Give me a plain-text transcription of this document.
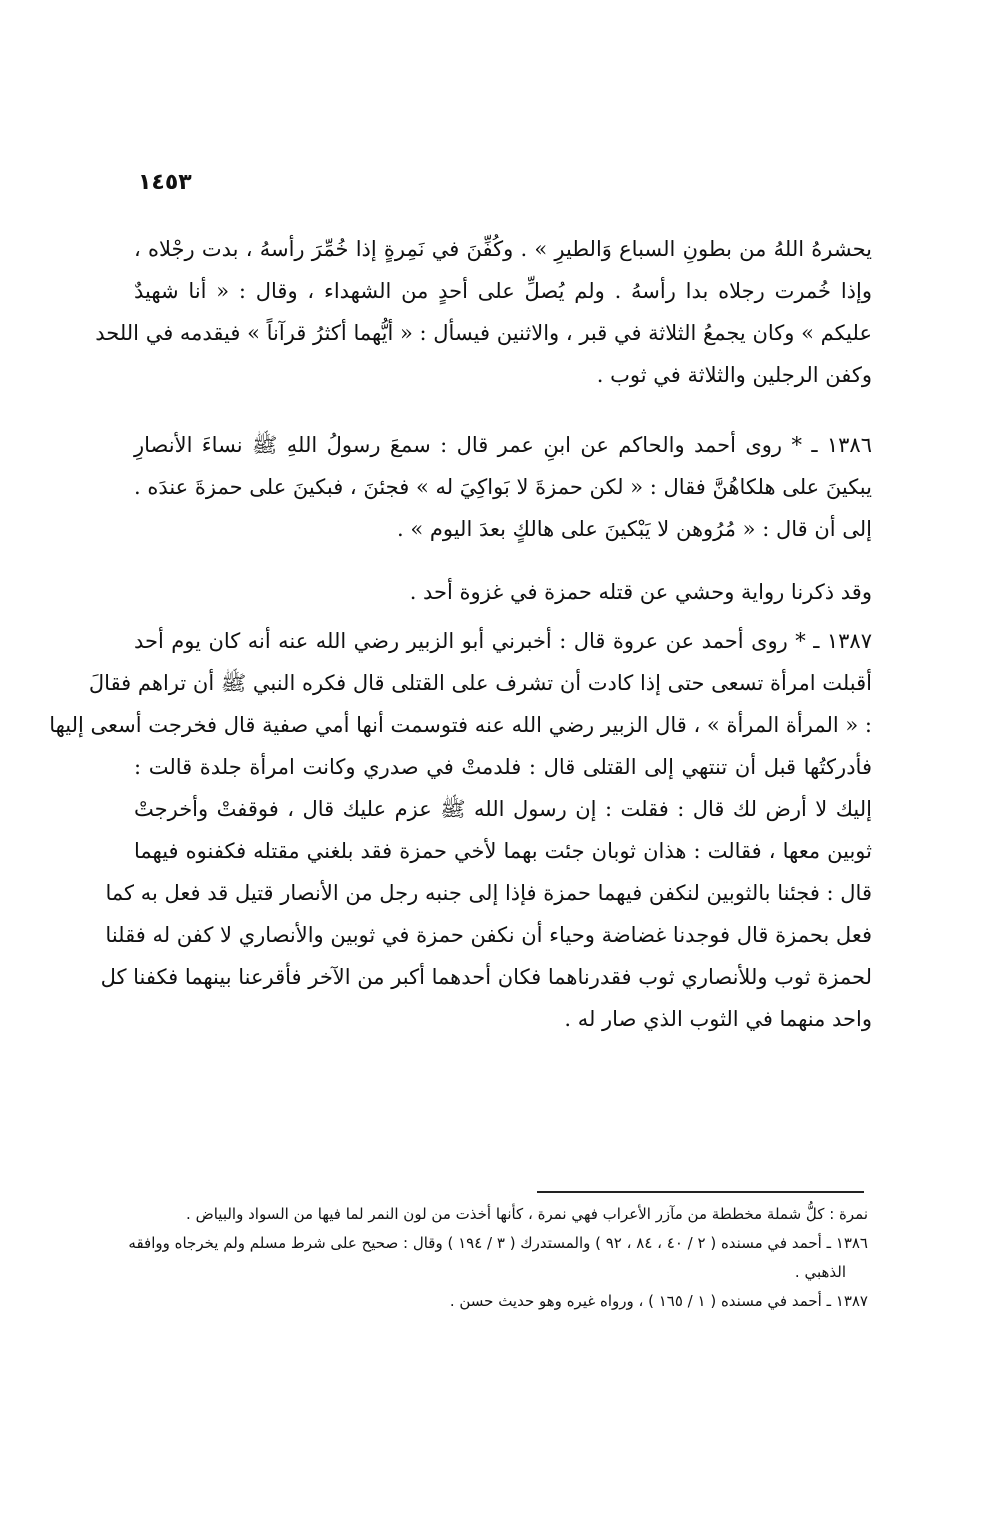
١٤٥٣
يحشرهُ اللهُ من بطونِ السباع وَالطيرِ » . وكُفِّنَ في نَمِرةٍ إذا خُمِّرَ رأسهُ ، بدت رجْلاه ،
وإذا خُمرت رجلاه بدا رأسهُ . ولم يُصلِّ على أحدٍ من الشهداء ، وقال : « أنا شهيدٌ
عليكم » وكان يجمعُ الثلاثة في قبر ، والاثنين فيسأل : « أيُّهما أكثرُ قرآناً » فيقدمه في اللحد
وكفن الرجلين والثلاثة في ثوب .
١٣٨٦ ـ * روى أحمد والحاكم عن ابنِ عمر قال : سمعَ رسولُ اللهِ ﷺ نساءَ الأنصارِ
يبكينَ على هلكاهُنَّ فقال : « لكن حمزةَ لا بَواكِيَ له » فجئنَ ، فبكينَ على حمزةَ عندَه .
إلى أن قال : « مُرُوهن لا يَبْكينَ على هالكٍ بعدَ اليوم » .
وقد ذكرنا رواية وحشي عن قتله حمزة في غزوة أحد .
١٣٨٧ ـ * روى أحمد عن عروة قال : أخبرني أبو الزبير رضي الله عنه أنه كان يوم أحد
أقبلت امرأة تسعى حتى إذا كادت أن تشرف على القتلى قال فكره النبي ﷺ أن تراهم فقالَ
: « المرأة المرأة » ، قال الزبير رضي الله عنه فتوسمت أنها أمي صفية قال فخرجت أسعى إليها
فأدركتُها قبل أن تنتهي إلى القتلى قال : فلدمتْ في صدري وكانت امرأة جلدة قالت :
إليك لا أرض لك قال : فقلت : إن رسول الله ﷺ عزم عليك قال ، فوقفتْ وأخرجتْ
ثوبين معها ، فقالت : هذان ثوبان جئت بهما لأخي حمزة فقد بلغني مقتله فكفنوه فيهما
قال : فجئنا بالثوبين لنكفن فيهما حمزة فإذا إلى جنبه رجل من الأنصار قتيل قد فعل به كما
فعل بحمزة قال فوجدنا غضاضة وحياء أن نكفن حمزة في ثوبين والأنصاري لا كفن له فقلنا
لحمزة ثوب وللأنصاري ثوب فقدرناهما فكان أحدهما أكبر من الآخر فأقرعنا بينهما فكفنا كل
واحد منهما في الثوب الذي صار له .
نمرة : كلُّ شملة مخططة من مآزر الأعراب فهي نمرة ، كأنها أخذت من لون النمر لما فيها من السواد والبياض .
١٣٨٦ ـ أحمد في مسنده ( ٢ / ٤٠ ، ٨٤ ، ٩٢ ) والمستدرك ( ٣ / ١٩٤ ) وقال : صحيح على شرط مسلم ولم يخرجاه ووافقه
الذهبي .
١٣٨٧ ـ أحمد في مسنده ( ١ / ١٦٥ ) ، ورواه غيره وهو حديث حسن .
